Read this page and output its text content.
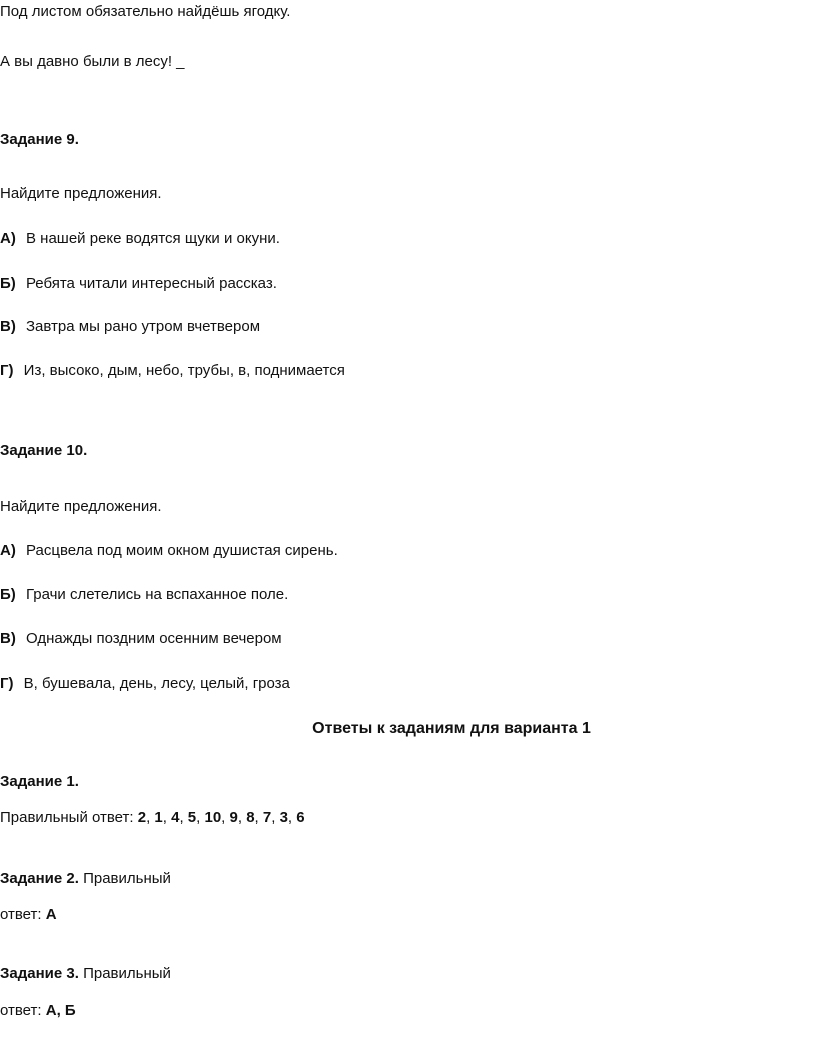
Под листом обязательно найдёшь ягодку.
А вы давно были в лесу! _
Задание 9.
Найдите предложения.
А) В нашей реке водятся щуки и окуни.
Б) Ребята читали интересный рассказ.
В) Завтра мы рано утром вчетвером
Г) Из, высоко, дым, небо, трубы, в, поднимается
Задание 10.
Найдите предложения.
А) Расцвела под моим окном душистая сирень.
Б) Грачи слетелись на вспаханное поле.
В) Однажды поздним осенним вечером
Г) В, бушевала, день, лесу, целый, гроза
Ответы к заданиям для варианта 1
Задание 1.
Правильный ответ: 2, 1, 4, 5, 10, 9, 8, 7, 3, 6
Задание 2. Правильный
ответ: А
Задание 3. Правильный
ответ: А, Б
